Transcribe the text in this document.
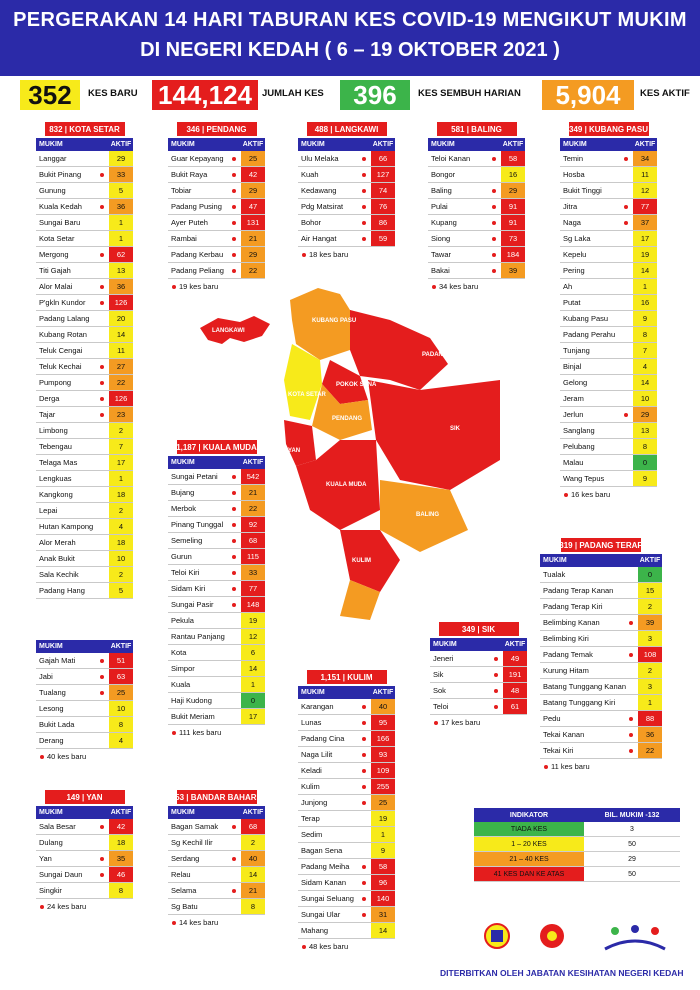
PERGERAKAN 14 HARI TABURAN KES COVID-19 MENGIKUT MUKIM
DI NEGERI KEDAH ( 6 – 19 OKTOBER 2021 )
352	KES BARU 144,124	JUMLAH KES	396	KES SEMBUH HARIAN	5,904	KES AKTIF
832 | KOTA SETAR
MUKIM	AKTIF
Langgar	29
Bukit Pinang	33
Gunung	5
Kuala Kedah	36
Sungai Baru	1
Kota Setar	1
Mergong	62
Titi Gajah	13
Alor Malai	36
P'gkln Kundor	126
Padang Lalang	20
Kubang Rotan	14
Teluk Cengai	11
Teluk Kechai	27
Pumpong	22
Derga	126
Tajar	23
Limbong	2
Tebengau	7
Telaga Mas	17
Lengkuas	1
Kangkong	18
Lepai	2
Hutan Kampong	4
Alor Merah	18
Anak Bukit	10
Sala Kechik	2
Padang Hang	5
MUKIM	AKTIF
Gajah Mati	51
Jabi	63
Tualang	25
Lesong	10
Bukit Lada	8
Derang	4
40 kes baru
346 | PENDANG
MUKIM	AKTIF
Guar Kepayang	25
Bukit Raya	42
Tobiar	29
Padang Pusing	47
Ayer Puteh	131
Rambai	21
Padang Kerbau	29
Padang Peliang	22
19 kes baru
1,187 | KUALA MUDA
MUKIM	AKTIF
Sungai Petani	542
Bujang	21
Merbok	22
Pinang Tunggal	92
Semeling	68
Gurun	115
Teloi Kiri	33
Sidam Kiri	77
Sungai Pasir	148
Pekula	19
Rantau Panjang	12
Kota	6
Simpor	14
Kuala	1
Haji Kudong	0
Bukit Meriam	17
111 kes baru
488 | LANGKAWI
MUKIM	AKTIF
Ulu Melaka	66
Kuah	127
Kedawang	74
Pdg Matsirat	76
Bohor	86
Air Hangat	59
18 kes baru
581 | BALING
MUKIM	AKTIF
Teloi Kanan	58
Bongor	16
Baling	29
Pulai	91
Kupang	91
Siong	73
Tawar	184
Bakai	39
34 kes baru
349 | KUBANG PASU
MUKIM	AKTIF
Temin	34
Hosba	11
Bukit Tinggi	12
Jitra	77
Naga	37
Sg Laka	17
Kepelu	19
Pering	14
Ah	1
Putat	16
Kubang Pasu	9
Padang Perahu	8
Tunjang	7
Binjal	4
Gelong	14
Jeram	10
Jerlun	29
Sanglang	13
Pelubang	8
Malau	0
Wang Tepus	9
16 kes baru
319 | PADANG TERAP
MUKIM	AKTIF
Tualak	0
Padang Terap Kanan	15
Padang Terap Kiri	2
Belimbing Kanan	39
Belimbing Kiri	3
Padang Temak	108
Kurung Hitam	2
Batang Tunggang Kanan	3
Batang Tunggang Kiri	1
Pedu	88
Tekai Kanan	36
Tekai Kiri	22
11 kes baru
349 | SIK
MUKIM	AKTIF
Jeneri	49
Sik	191
Sok	48
Teloi	61
17 kes baru
1,151 | KULIM
MUKIM	AKTIF
Karangan	40
Lunas	95
Padang Cina	166
Naga Lilit	93
Keladi	109
Kulim	255
Junjong	25
Terap	19
Sedim	1
Bagan Sena	9
Padang Meiha	58
Sidam Kanan	96
Sungai Seluang	140
Sungai Ular	31
Mahang	14
48 kes baru
149 | YAN
MUKIM	AKTIF
Sala Besar	42
Dulang	18
Yan	35
Sungai Daun	46
Singkir	8
24 kes baru
153 | BANDAR BAHARU
MUKIM	AKTIF
Bagan Samak	68
Sg Kechil Ilir	2
Serdang	40
Relau	14
Selama	21
Sg Batu	8
14 kes baru
KUBANG PASU
PADANG TERAP
LANGKAWI
POKOK SENA
KOTA SETAR
PENDANG
YAN
SIK
KUALA MUDA
BALING
KULIM
BANDAR BAHARU
INDIKATOR	BIL. MUKIM -132
TIADA KES	3
1 – 20 KES	50
21 – 40 KES	29
41 KES DAN KE ATAS	50
DITERBITKAN OLEH JABATAN KESIHATAN NEGERI KEDAH
